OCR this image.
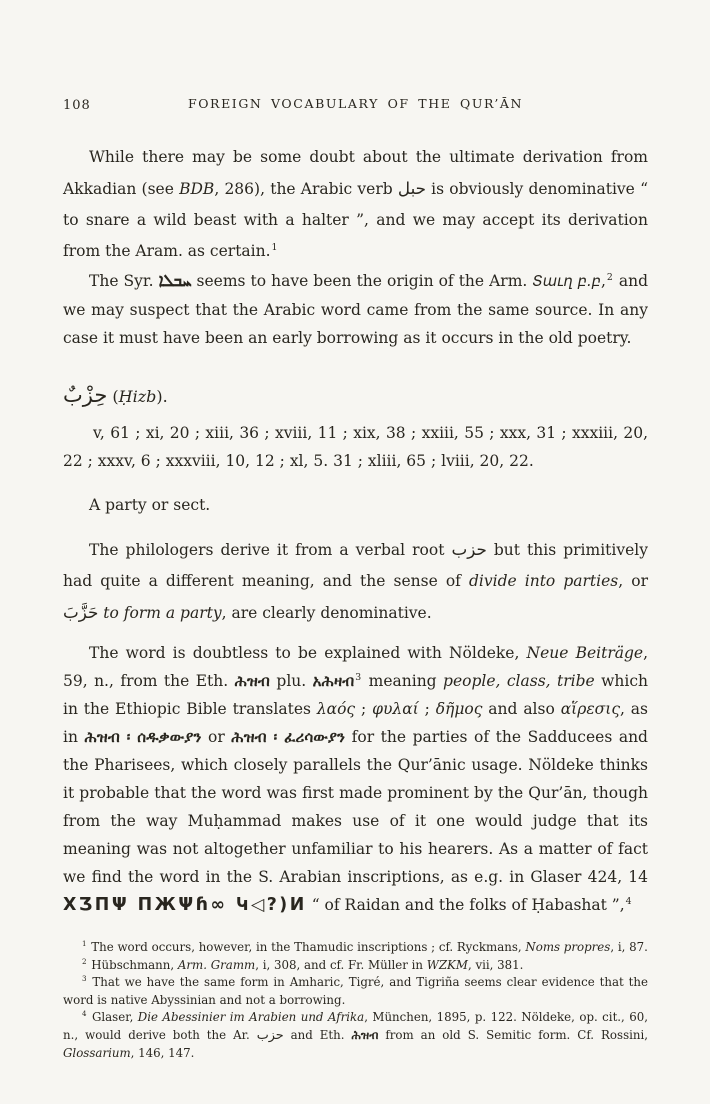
108	FOREIGN VOCABULARY OF THE QUR’ĀN

While there may be some doubt about the ultimate derivation from Akkadian (see BDB, 286), the Arabic verb حبل is obviously denominative “ to snare a wild beast with a halter ”, and we may accept its derivation from the Aram. as certain.$^1$

The Syr. ܚܒܠܐ seems to have been the origin of the Arm. Տաւղ բ.բ,$^2$ and we may suspect that the Arabic word came from the same source. In any case it must have been an early borrowing as it occurs in the old poetry.

حِزْبٌ (Ḥizb).

v, 61 ; xi, 20 ; xiii, 36 ; xviii, 11 ; xix, 38 ; xxiii, 55 ; xxx, 31 ; xxxiii, 20, 22 ; xxxv, 6 ; xxxviii, 10, 12 ; xl, 5. 31 ; xliii, 65 ; lviii, 20, 22.

A party or sect.

The philologers derive it from a verbal root حزب but this primitively had quite a different meaning, and the sense of divide into parties, or حَزَّبَ to form a party, are clearly denominative.

The word is doubtless to be explained with Nöldeke, Neue Beiträge, 59, n., from the Eth. ሕዝብ plu. አሕዛብ$^3$ meaning people, class, tribe which in the Ethiopic Bible translates λαός ; φυλαί ; δῆμος and also αἵρεσις, as in ሕዝብ ፡ ሰዱቃውያን or ሕዝብ ፡ ፈሪሳውያን for the parties of the Sadducees and the Pharisees, which closely parallels the Qur’ānic usage. Nöldeke thinks it probable that the word was first made prominent by the Qur’ān, though from the way Muḥammad makes use of it one would judge that its meaning was not altogether unfamiliar to his hearers. As a matter of fact we find the word in the S. Arabian inscriptions, as e.g. in Glaser 424, 14 XƷΠΨ ΠЖΨɦ∞ Կ◁?)И “ of Raidan and the folks of Ḥabashat ”,$^4$

$^1$ The word occurs, however, in the Thamudic inscriptions ; cf. Ryckmans, Noms propres, i, 87.
$^2$ Hübschmann, Arm. Gramm, i, 308, and cf. Fr. Müller in WZKM, vii, 381.
$^3$ That we have the same form in Amharic, Tigré, and Tigriña seems clear evidence that the word is native Abyssinian and not a borrowing.
$^4$ Glaser, Die Abessinier im Arabien und Afrika, München, 1895, p. 122. Nöldeke, op. cit., 60, n., would derive both the Ar. حزب and Eth. ሕዝብ from an old S. Semitic form. Cf. Rossini, Glossarium, 146, 147.
